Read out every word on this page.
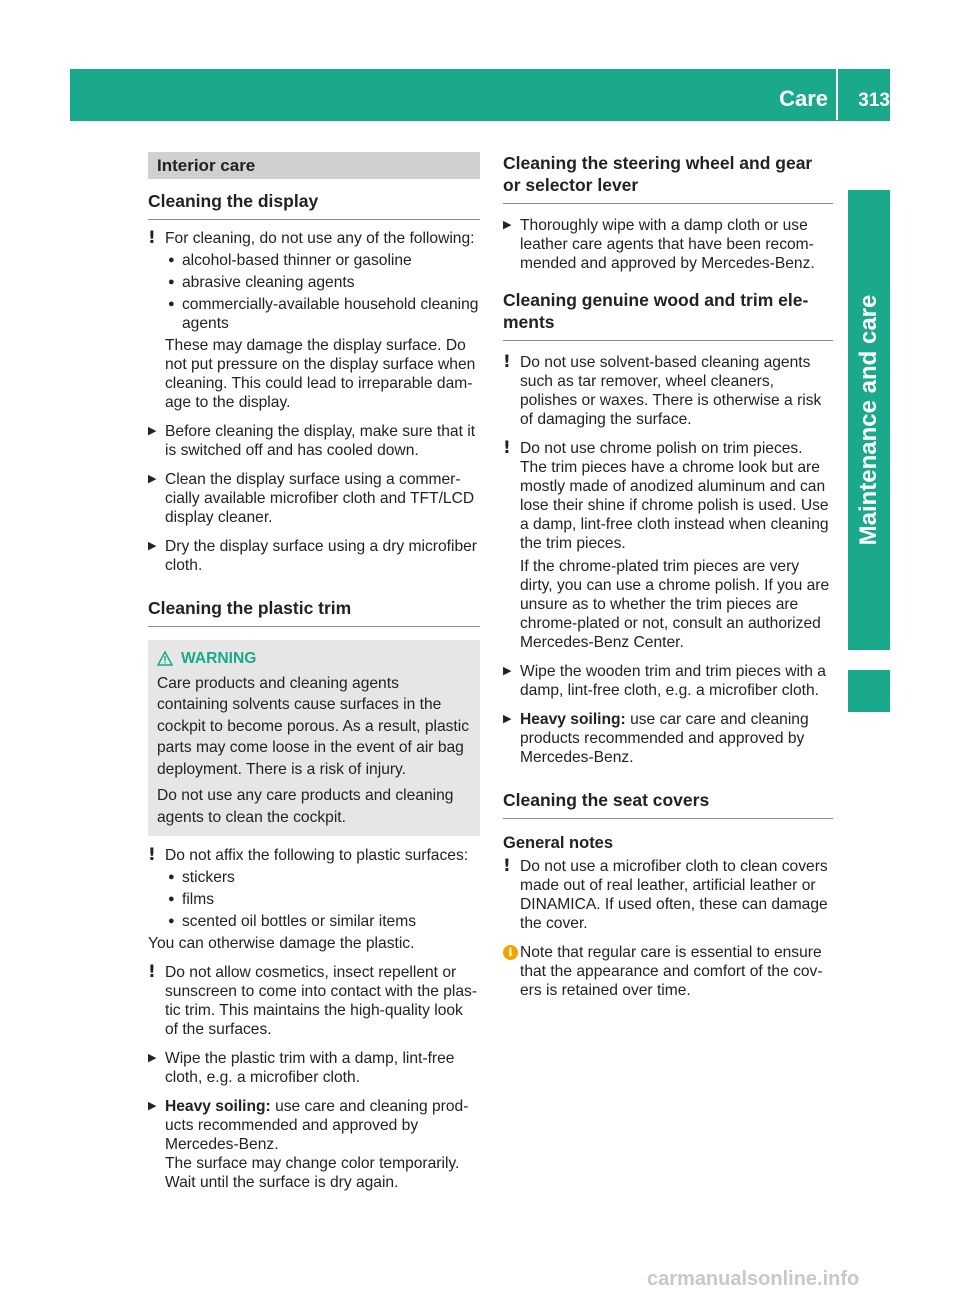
Care 313
Maintenance and care
Interior care
Cleaning the display
! For cleaning, do not use any of the following:
● alcohol-based thinner or gasoline
● abrasive cleaning agents
● commercially-available household cleaning agents
These may damage the display surface. Do not put pressure on the display surface when cleaning. This could lead to irreparable damage to the display.
▶ Before cleaning the display, make sure that it is switched off and has cooled down.
▶ Clean the display surface using a commercially available microfiber cloth and TFT/LCD display cleaner.
▶ Dry the display surface using a dry microfiber cloth.
Cleaning the plastic trim
WARNING

Care products and cleaning agents containing solvents cause surfaces in the cockpit to become porous. As a result, plastic parts may come loose in the event of air bag deployment. There is a risk of injury.

Do not use any care products and cleaning agents to clean the cockpit.

! Do not affix the following to plastic surfaces:
● stickers
● films
● scented oil bottles or similar items
You can otherwise damage the plastic.
! Do not allow cosmetics, insect repellent or sunscreen to come into contact with the plastic trim. This maintains the high-quality look of the surfaces.
▶ Wipe the plastic trim with a damp, lint-free cloth, e.g. a microfiber cloth.
▶ Heavy soiling: use care and cleaning products recommended and approved by Mercedes-Benz.
The surface may change color temporarily. Wait until the surface is dry again.
Cleaning the steering wheel and gear or selector lever
▶ Thoroughly wipe with a damp cloth or use leather care agents that have been recommended and approved by Mercedes-Benz.
Cleaning genuine wood and trim elements
! Do not use solvent-based cleaning agents such as tar remover, wheel cleaners, polishes or waxes. There is otherwise a risk of damaging the surface.
! Do not use chrome polish on trim pieces. The trim pieces have a chrome look but are mostly made of anodized aluminum and can lose their shine if chrome polish is used. Use a damp, lint-free cloth instead when cleaning the trim pieces.
If the chrome-plated trim pieces are very dirty, you can use a chrome polish. If you are unsure as to whether the trim pieces are chrome-plated or not, consult an authorized Mercedes-Benz Center.
▶ Wipe the wooden trim and trim pieces with a damp, lint-free cloth, e.g. a microfiber cloth.
▶ Heavy soiling: use car care and cleaning products recommended and approved by Mercedes-Benz.
Cleaning the seat covers
General notes
! Do not use a microfiber cloth to clean covers made out of real leather, artificial leather or DINAMICA. If used often, these can damage the cover.
i Note that regular care is essential to ensure that the appearance and comfort of the covers is retained over time.
carmanualsonline.info
